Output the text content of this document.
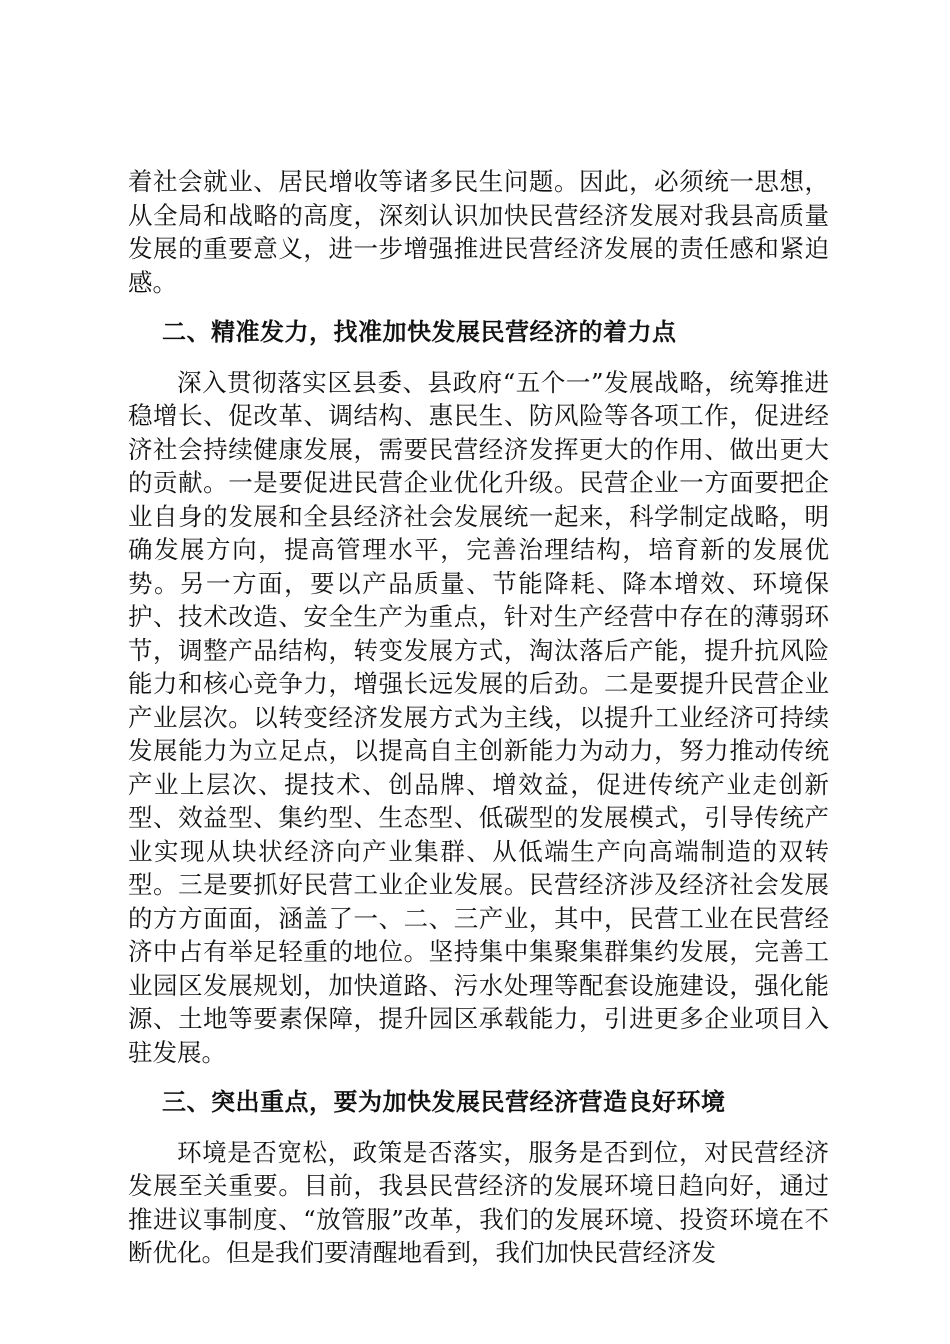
着社会就业、居民增收等诸多民生问题。因此，必须统一思想，从全局和战略的高度，深刻认识加快民营经济发展对我县高质量发展的重要意义，进一步增强推进民营经济发展的责任感和紧迫感。

二、精准发力，找准加快发展民营经济的着力点

深入贯彻落实区县委、县政府“五个一”发展战略，统筹推进稳增长、促改革、调结构、惠民生、防风险等各项工作，促进经济社会持续健康发展，需要民营经济发挥更大的作用、做出更大的贡献。一是要促进民营企业优化升级。民营企业一方面要把企业自身的发展和全县经济社会发展统一起来，科学制定战略，明确发展方向，提高管理水平，完善治理结构，培育新的发展优势。另一方面，要以产品质量、节能降耗、降本增效、环境保护、技术改造、安全生产为重点，针对生产经营中存在的薄弱环节，调整产品结构，转变发展方式，淘汰落后产能，提升抗风险能力和核心竞争力，增强长远发展的后劲。二是要提升民营企业产业层次。以转变经济发展方式为主线，以提升工业经济可持续发展能力为立足点，以提高自主创新能力为动力，努力推动传统产业上层次、提技术、创品牌、增效益，促进传统产业走创新型、效益型、集约型、生态型、低碳型的发展模式，引导传统产业实现从块状经济向产业集群、从低端生产向高端制造的双转型。三是要抓好民营工业企业发展。民营经济涉及经济社会发展的方方面面，涵盖了一、二、三产业，其中，民营工业在民营经济中占有举足轻重的地位。坚持集中集聚集群集约发展，完善工业园区发展规划，加快道路、污水处理等配套设施建设，强化能源、土地等要素保障，提升园区承载能力，引进更多企业项目入驻发展。

三、突出重点，要为加快发展民营经济营造良好环境

环境是否宽松，政策是否落实，服务是否到位，对民营经济发展至关重要。目前，我县民营经济的发展环境日趋向好，通过推进议事制度、“放管服”改革，我们的发展环境、投资环境在不断优化。但是我们要清醒地看到，我们加快民营经济发
